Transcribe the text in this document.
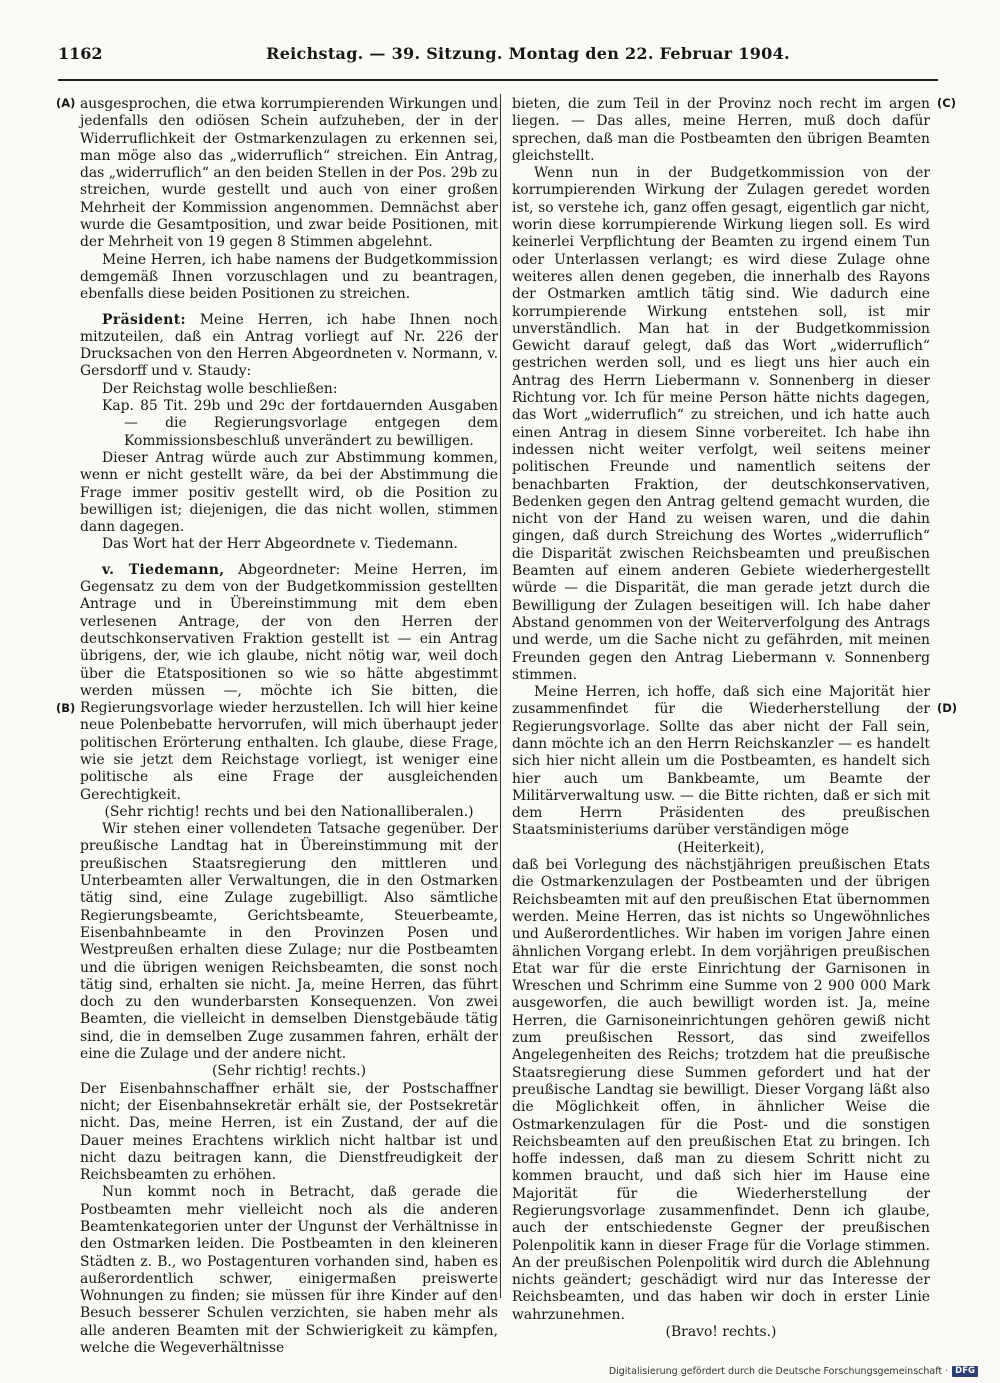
1162	Reichstag. — 39. Sitzung. Montag den 22. Februar 1904.
(A)
(B)
(C)
(D)

ausgesprochen, die etwa korrumpierenden Wirkungen und jedenfalls den odiösen Schein aufzuheben, der in der Widerruflichkeit der Ostmarkenzulagen zu erkennen sei, man möge also das „widerruflich“ streichen. Ein Antrag, das „widerruflich“ an den beiden Stellen in der Pos. 29b zu streichen, wurde gestellt und auch von einer großen Mehrheit der Kommission angenommen. Demnächst aber wurde die Gesamtposition, und zwar beide Positionen, mit der Mehrheit von 19 gegen 8 Stimmen abgelehnt.

Meine Herren, ich habe namens der Budgetkommission demgemäß Ihnen vorzuschlagen und zu beantragen, ebenfalls diese beiden Positionen zu streichen.

Präsident: Meine Herren, ich habe Ihnen noch mitzuteilen, daß ein Antrag vorliegt auf Nr. 226 der Drucksachen von den Herren Abgeordneten v. Normann, v. Gersdorff und v. Staudy:

Der Reichstag wolle beschließen:

Kap. 85 Tit. 29b und 29c der fortdauernden Ausgaben — die Regierungsvorlage entgegen dem Kommissionsbeschluß unverändert zu bewilligen.

Dieser Antrag würde auch zur Abstimmung kommen, wenn er nicht gestellt wäre, da bei der Abstimmung die Frage immer positiv gestellt wird, ob die Position zu bewilligen ist; diejenigen, die das nicht wollen, stimmen dann dagegen.

Das Wort hat der Herr Abgeordnete v. Tiedemann.

v. Tiedemann, Abgeordneter: Meine Herren, im Gegensatz zu dem von der Budgetkommission gestellten Antrage und in Übereinstimmung mit dem eben verlesenen Antrage, der von den Herren der deutschkonservativen Fraktion gestellt ist — ein Antrag übrigens, der, wie ich glaube, nicht nötig war, weil doch über die Etatspositionen so wie so hätte abgestimmt werden müssen —, möchte ich Sie bitten, die Regierungsvorlage wieder herzustellen. Ich will hier keine neue Polenbebatte hervorrufen, will mich überhaupt jeder politischen Erörterung enthalten. Ich glaube, diese Frage, wie sie jetzt dem Reichstage vorliegt, ist weniger eine politische als eine Frage der ausgleichenden Gerechtigkeit.

(Sehr richtig! rechts und bei den Nationalliberalen.)

Wir stehen einer vollendeten Tatsache gegenüber. Der preußische Landtag hat in Übereinstimmung mit der preußischen Staatsregierung den mittleren und Unterbeamten aller Verwaltungen, die in den Ostmarken tätig sind, eine Zulage zugebilligt. Also sämtliche Regierungsbeamte, Gerichtsbeamte, Steuerbeamte, Eisenbahnbeamte in den Provinzen Posen und Westpreußen erhalten diese Zulage; nur die Postbeamten und die übrigen wenigen Reichsbeamten, die sonst noch tätig sind, erhalten sie nicht. Ja, meine Herren, das führt doch zu den wunderbarsten Konsequenzen. Von zwei Beamten, die vielleicht in demselben Dienstgebäude tätig sind, die in demselben Zuge zusammen fahren, erhält der eine die Zulage und der andere nicht.

(Sehr richtig! rechts.)

Der Eisenbahnschaffner erhält sie, der Postschaffner nicht; der Eisenbahnsekretär erhält sie, der Postsekretär nicht. Das, meine Herren, ist ein Zustand, der auf die Dauer meines Erachtens wirklich nicht haltbar ist und nicht dazu beitragen kann, die Dienstfreudigkeit der Reichsbeamten zu erhöhen.

Nun kommt noch in Betracht, daß gerade die Postbeamten mehr vielleicht noch als die anderen Beamtenkategorien unter der Ungunst der Verhältnisse in den Ostmarken leiden. Die Postbeamten in den kleineren Städten z. B., wo Postagenturen vorhanden sind, haben es außerordentlich schwer, einigermaßen preiswerte Wohnungen zu finden; sie müssen für ihre Kinder auf den Besuch besserer Schulen verzichten, sie haben mehr als alle anderen Beamten mit der Schwierigkeit zu kämpfen, welche die Wegeverhältnisse

bieten, die zum Teil in der Provinz noch recht im argen liegen. — Das alles, meine Herren, muß doch dafür sprechen, daß man die Postbeamten den übrigen Beamten gleichstellt.

Wenn nun in der Budgetkommission von der korrumpierenden Wirkung der Zulagen geredet worden ist, so verstehe ich, ganz offen gesagt, eigentlich gar nicht, worin diese korrumpierende Wirkung liegen soll. Es wird keinerlei Verpflichtung der Beamten zu irgend einem Tun oder Unterlassen verlangt; es wird diese Zulage ohne weiteres allen denen gegeben, die innerhalb des Rayons der Ostmarken amtlich tätig sind. Wie dadurch eine korrumpierende Wirkung entstehen soll, ist mir unverständlich. Man hat in der Budgetkommission Gewicht darauf gelegt, daß das Wort „widerruflich“ gestrichen werden soll, und es liegt uns hier auch ein Antrag des Herrn Liebermann v. Sonnenberg in dieser Richtung vor. Ich für meine Person hätte nichts dagegen, das Wort „widerruflich“ zu streichen, und ich hatte auch einen Antrag in diesem Sinne vorbereitet. Ich habe ihn indessen nicht weiter verfolgt, weil seitens meiner politischen Freunde und namentlich seitens der benachbarten Fraktion, der deutschkonservativen, Bedenken gegen den Antrag geltend gemacht wurden, die nicht von der Hand zu weisen waren, und die dahin gingen, daß durch Streichung des Wortes „widerruflich“ die Disparität zwischen Reichsbeamten und preußischen Beamten auf einem anderen Gebiete wiederhergestellt würde — die Disparität, die man gerade jetzt durch die Bewilligung der Zulagen beseitigen will. Ich habe daher Abstand genommen von der Weiterverfolgung des Antrags und werde, um die Sache nicht zu gefährden, mit meinen Freunden gegen den Antrag Liebermann v. Sonnenberg stimmen.

Meine Herren, ich hoffe, daß sich eine Majorität hier zusammenfindet für die Wiederherstellung der Regierungsvorlage. Sollte das aber nicht der Fall sein, dann möchte ich an den Herrn Reichskanzler — es handelt sich hier nicht allein um die Postbeamten, es handelt sich hier auch um Bankbeamte, um Beamte der Militärverwaltung usw. — die Bitte richten, daß er sich mit dem Herrn Präsidenten des preußischen Staatsministeriums darüber verständigen möge

(Heiterkeit),

daß bei Vorlegung des nächstjährigen preußischen Etats die Ostmarkenzulagen der Postbeamten und der übrigen Reichsbeamten mit auf den preußischen Etat übernommen werden. Meine Herren, das ist nichts so Ungewöhnliches und Außerordentliches. Wir haben im vorigen Jahre einen ähnlichen Vorgang erlebt. In dem vorjährigen preußischen Etat war für die erste Einrichtung der Garnisonen in Wreschen und Schrimm eine Summe von 2 900 000 Mark ausgeworfen, die auch bewilligt worden ist. Ja, meine Herren, die Garnisoneinrichtungen gehören gewiß nicht zum preußischen Ressort, das sind zweifellos Angelegenheiten des Reichs; trotzdem hat die preußische Staatsregierung diese Summen gefordert und hat der preußische Landtag sie bewilligt. Dieser Vorgang läßt also die Möglichkeit offen, in ähnlicher Weise die Ostmarkenzulagen für die Post- und die sonstigen Reichsbeamten auf den preußischen Etat zu bringen. Ich hoffe indessen, daß man zu diesem Schritt nicht zu kommen braucht, und daß sich hier im Hause eine Majorität für die Wiederherstellung der Regierungsvorlage zusammenfindet. Denn ich glaube, auch der entschiedenste Gegner der preußischen Polenpolitik kann in dieser Frage für die Vorlage stimmen. An der preußischen Polenpolitik wird durch die Ablehnung nichts geändert; geschädigt wird nur das Interesse der Reichsbeamten, und das haben wir doch in erster Linie wahrzunehmen.

(Bravo! rechts.)

Digitalisierung gefördert durch die Deutsche Forschungsgemeinschaft · DFG
